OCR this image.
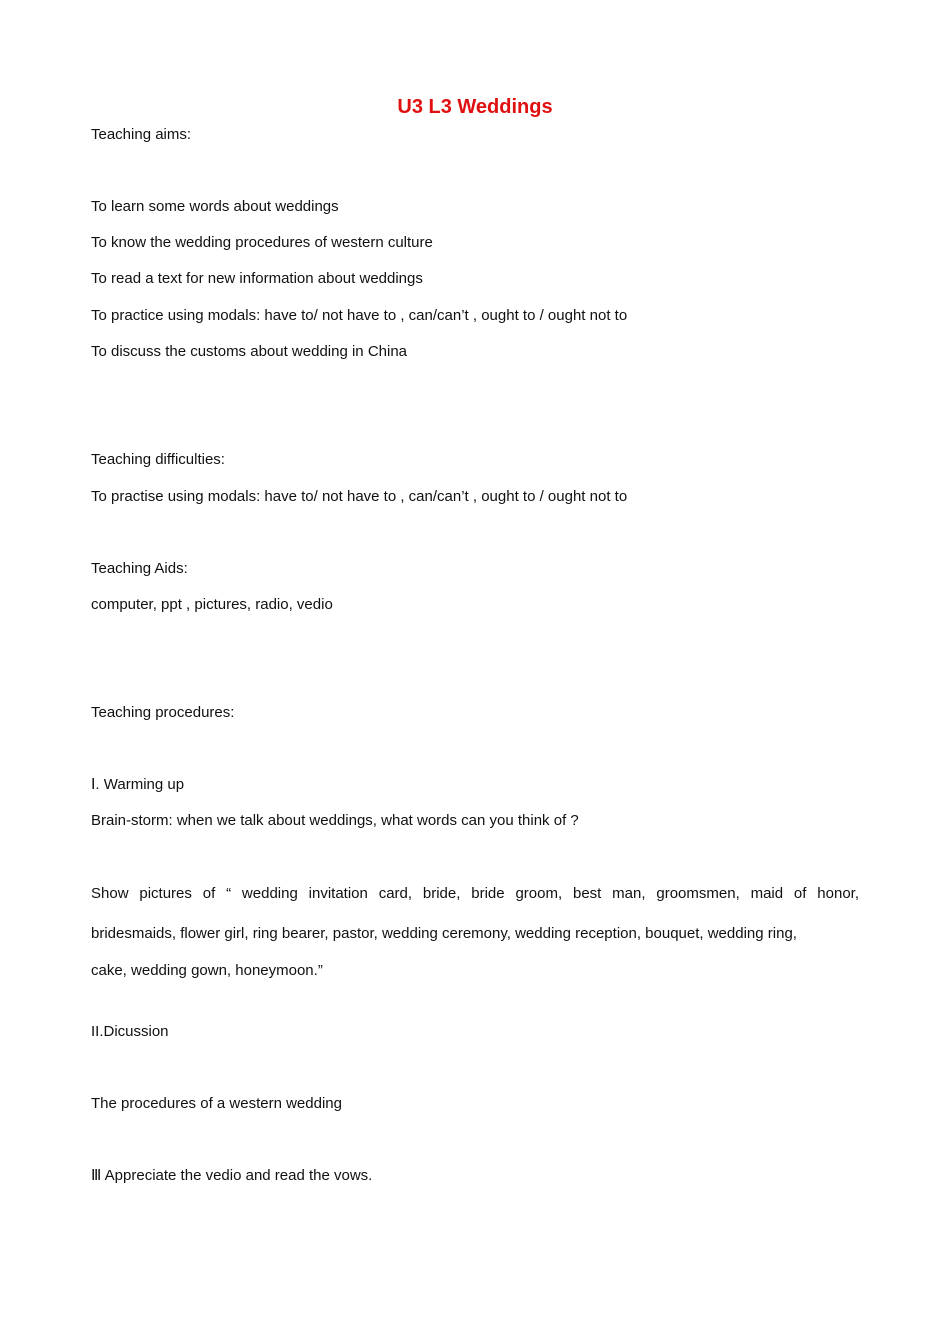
U3 L3 Weddings
Teaching aims:
To learn some words about weddings
To know the wedding procedures of western culture
To read a text for new information about weddings
To practice using modals: have to/ not have to , can/can’t , ought to / ought not to
To discuss the customs about wedding in China
Teaching difficulties:
To practise using modals: have to/ not have to , can/can’t , ought to / ought not to
Teaching Aids:
computer, ppt , pictures, radio, vedio
Teaching procedures:
Ⅰ. Warming up
Brain-storm: when we talk about weddings, what words can you think of ?
Show pictures of “ wedding invitation card, bride, bride groom, best man, groomsmen, maid of honor,
bridesmaids, flower girl, ring bearer, pastor, wedding ceremony, wedding reception, bouquet, wedding ring,
cake, wedding gown, honeymoon.”
II.Dicussion
The procedures of a western wedding
Ⅲ Appreciate the vedio and read the vows.
